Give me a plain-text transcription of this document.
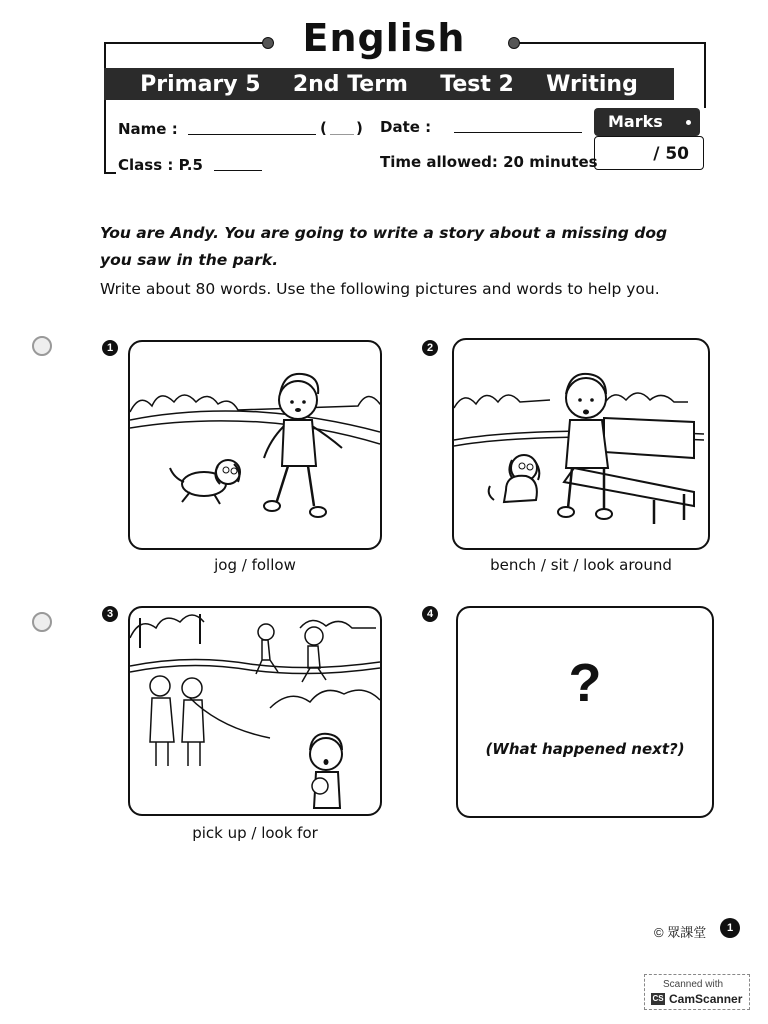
English
Primary 5 2nd Term Test 2 Writing
Name :	( ) Date :
Class : P.5	Time allowed: 20 minutes
Marks
/ 50
You are Andy. You are going to write a story about a missing dog you saw in the park.
Write about 80 words. Use the following pictures and words to help you.
1
jog / follow
2
bench / sit / look around
3
pick up / look for
4
?
(What happened next?)
© 眾課堂	1
Scanned with
CS CamScanner
